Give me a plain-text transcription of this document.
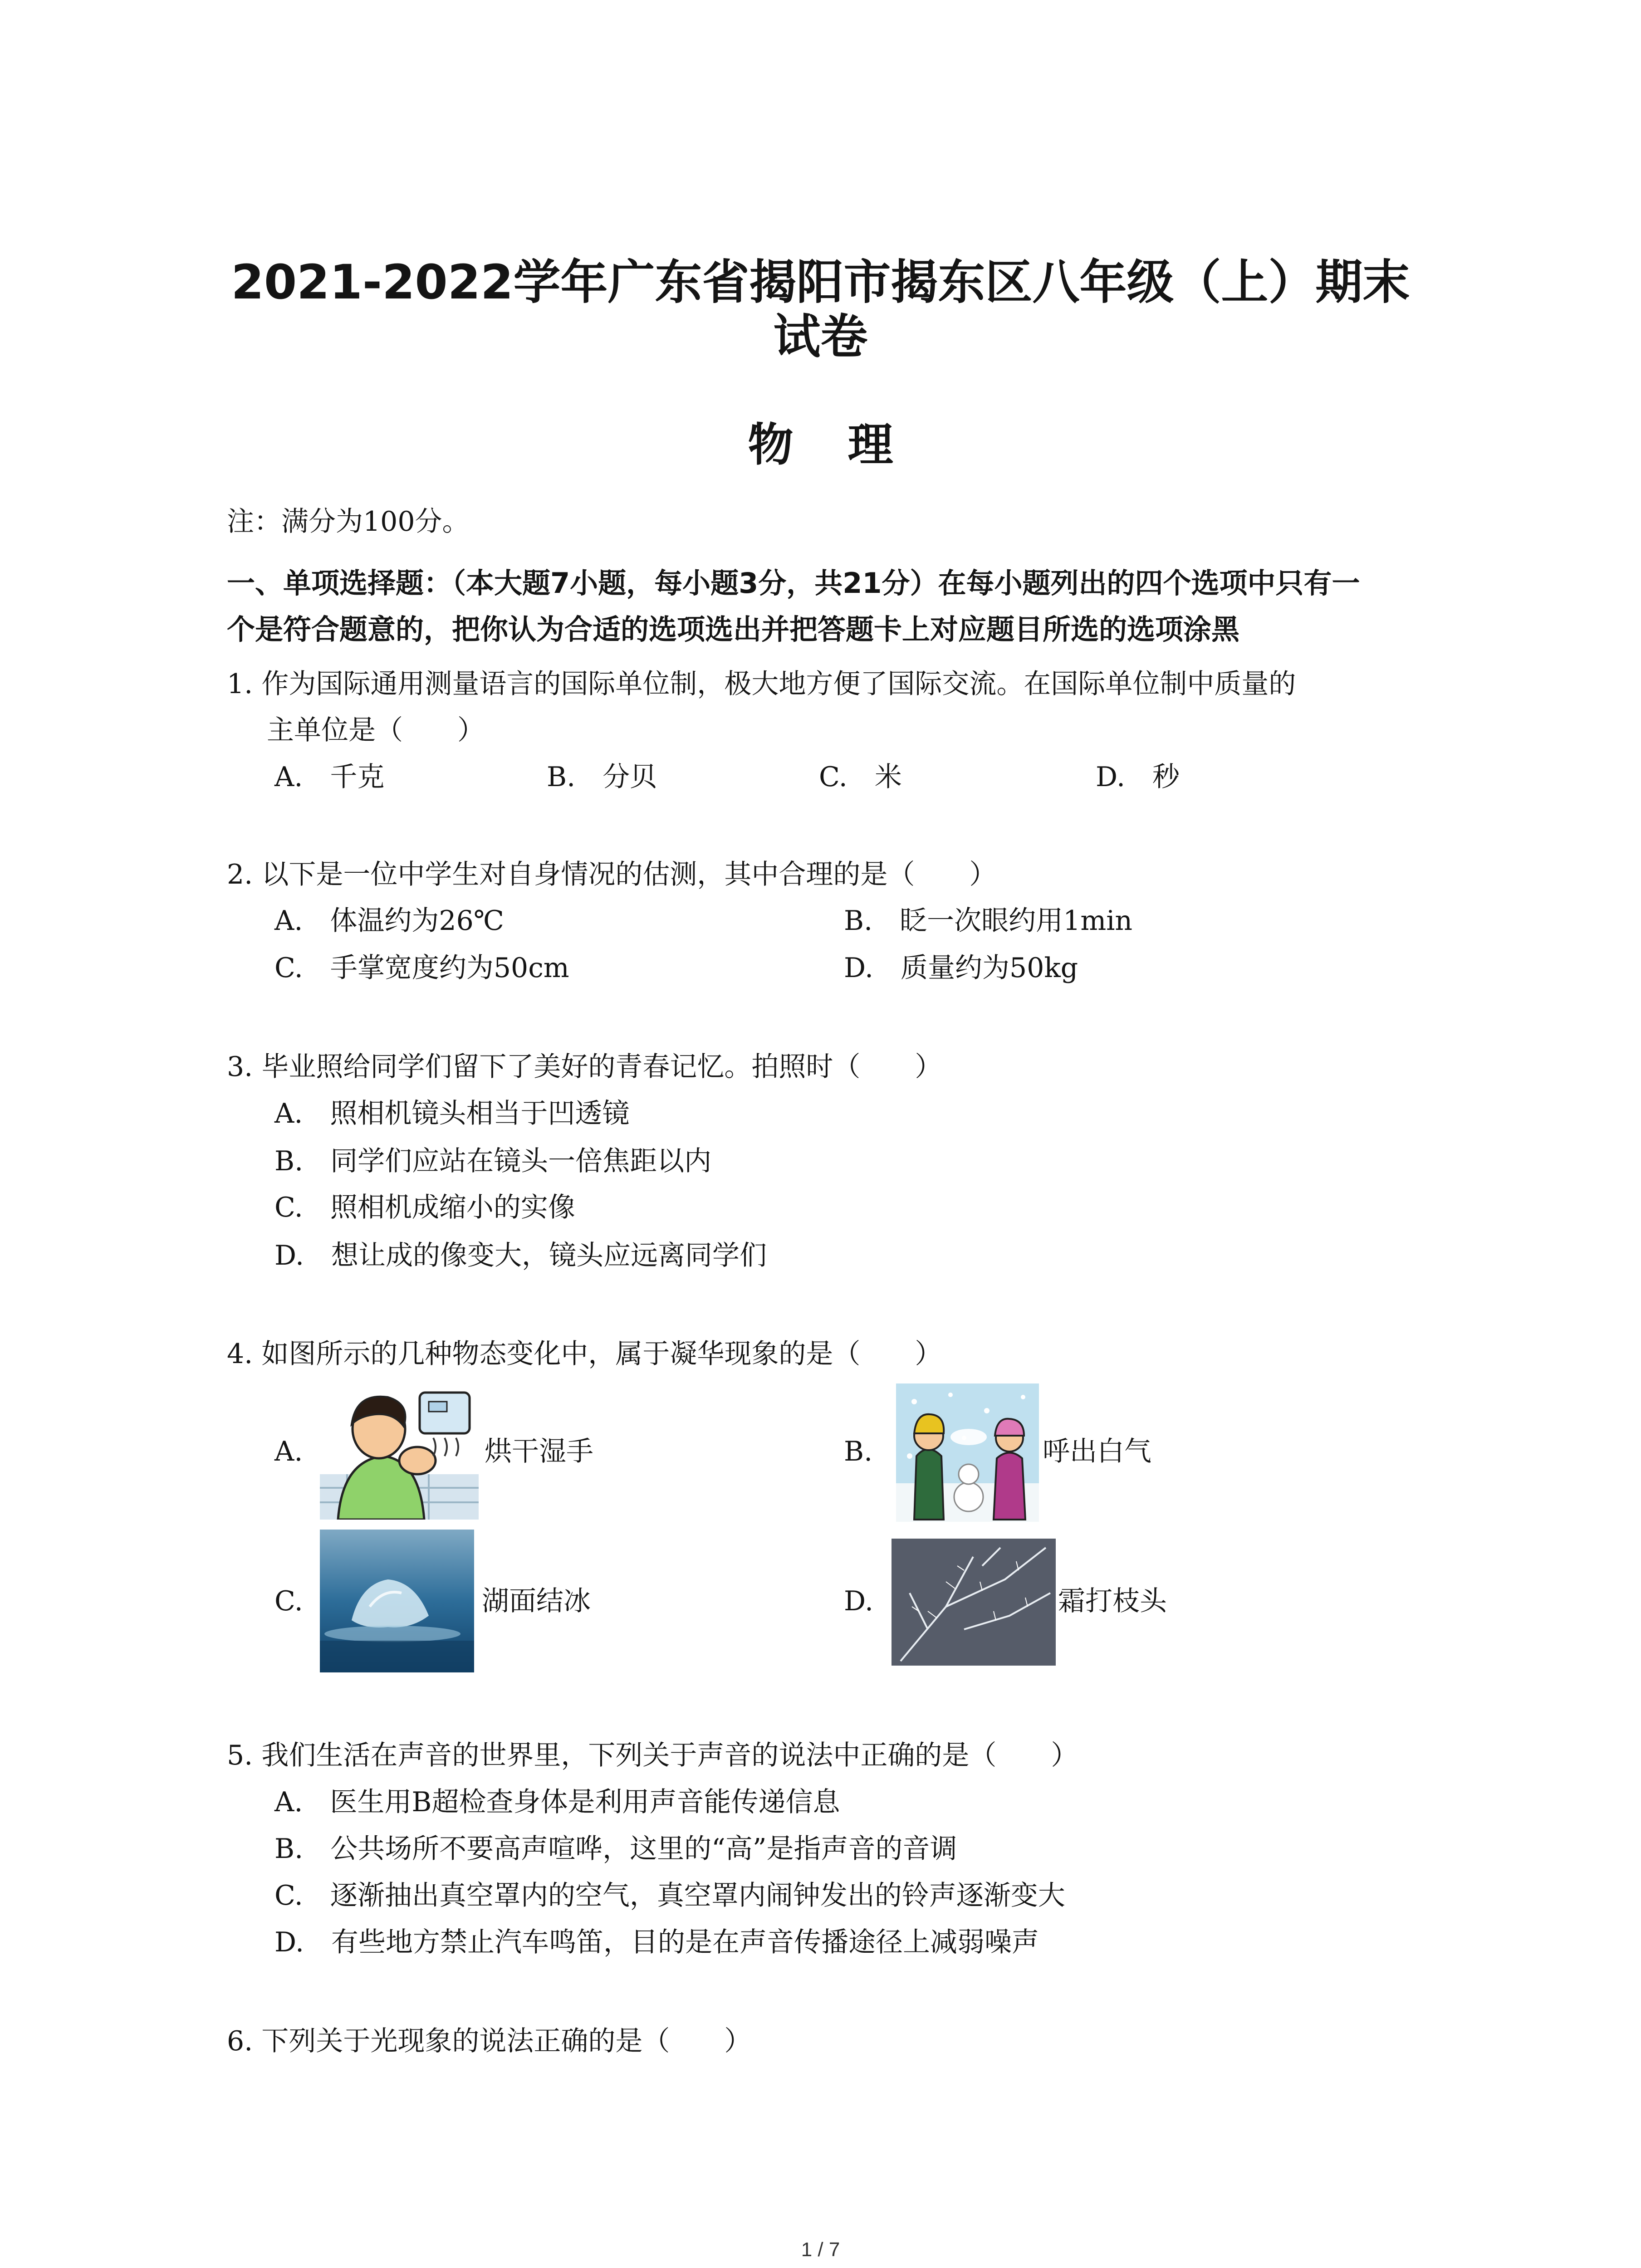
2021-2022学年广东省揭阳市揭东区八年级（上）期末
试卷
物理
注：满分为100分。
一、单项选择题：（本大题7小题，每小题3分，共21分）在每小题列出的四个选项中只有一
个是符合题意的，把你认为合适的选项选出并把答题卡上对应题目所选的选项涂黑
1. 作为国际通用测量语言的国际单位制，极大地方便了国际交流。在国际单位制中质量的
主单位是（　　）
A.　千克	B.　分贝	C.　米	D.　秒
2. 以下是一位中学生对自身情况的估测，其中合理的是（　　）
A.　体温约为26℃	B.　眨一次眼约用1min
C.　手掌宽度约为50cm	D.　质量约为50kg
3. 毕业照给同学们留下了美好的青春记忆。拍照时（　　）
A.　照相机镜头相当于凹透镜
B.　同学们应站在镜头一倍焦距以内
C.　照相机成缩小的实像
D.　想让成的像变大，镜头应远离同学们
4. 如图所示的几种物态变化中，属于凝华现象的是（　　）
A.	烘干湿手	B.	呼出白气
C.	湖面结冰	D.	霜打枝头
5. 我们生活在声音的世界里，下列关于声音的说法中正确的是（　　）
A.　医生用B超检查身体是利用声音能传递信息
B.　公共场所不要高声喧哗，这里的“高”是指声音的音调
C.　逐渐抽出真空罩内的空气，真空罩内闹钟发出的铃声逐渐变大
D.　有些地方禁止汽车鸣笛，目的是在声音传播途径上减弱噪声
6. 下列关于光现象的说法正确的是（　　）
1 / 7
